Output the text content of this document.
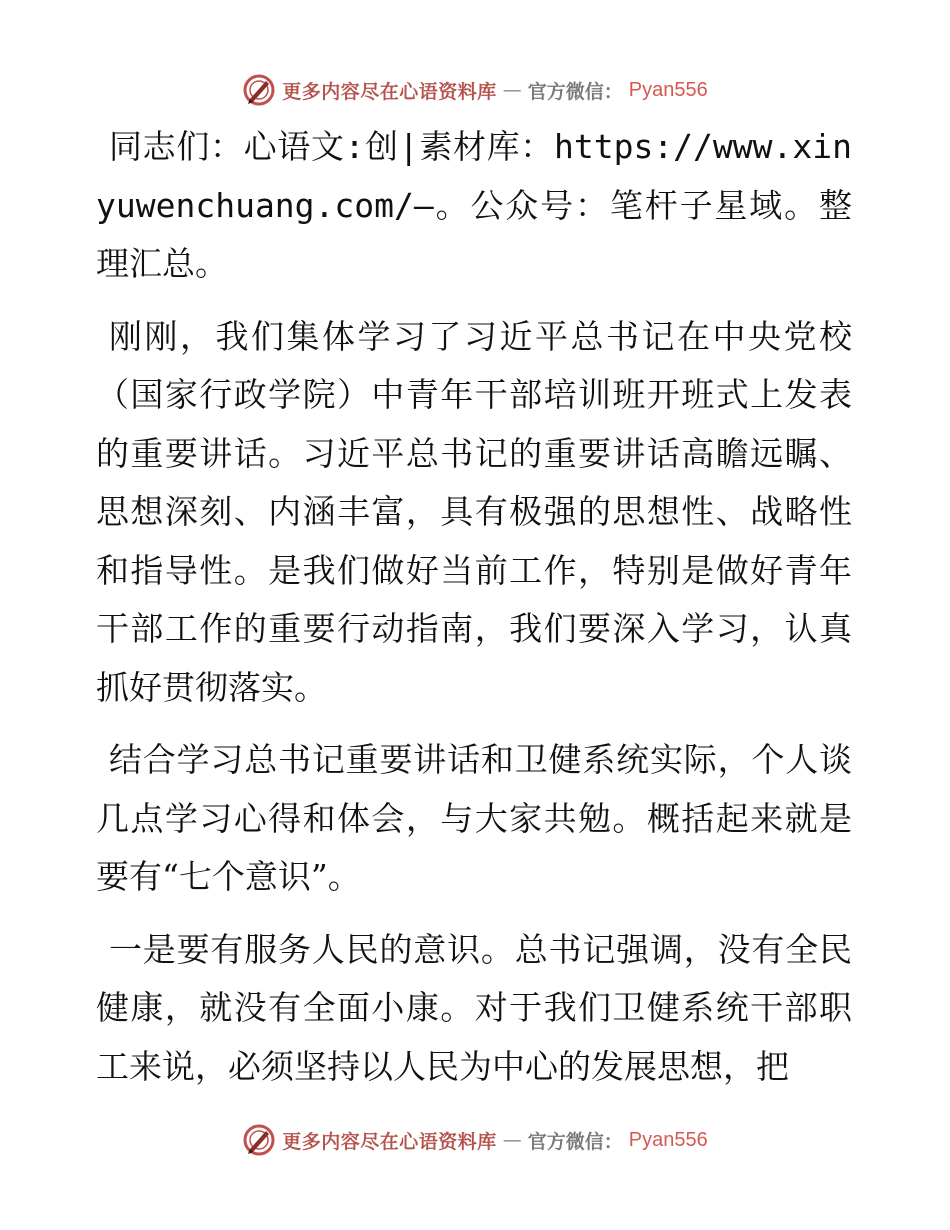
更多内容尽在心语资料库 — 官方微信： Pyan556

同志们：心语文:创|素材库：https://www.xinyuwenchuang.com/—。公众号：笔杆子星域。整理汇总。

刚刚，我们集体学习了习近平总书记在中央党校（国家行政学院）中青年干部培训班开班式上发表的重要讲话。习近平总书记的重要讲话高瞻远瞩、思想深刻、内涵丰富，具有极强的思想性、战略性和指导性。是我们做好当前工作，特别是做好青年干部工作的重要行动指南，我们要深入学习，认真抓好贯彻落实。

结合学习总书记重要讲话和卫健系统实际，个人谈几点学习心得和体会，与大家共勉。概括起来就是要有“七个意识”。

一是要有服务人民的意识。总书记强调，没有全民健康，就没有全面小康。对于我们卫健系统干部职工来说，必须坚持以人民为中心的发展思想，把

更多内容尽在心语资料库 — 官方微信： Pyan556
